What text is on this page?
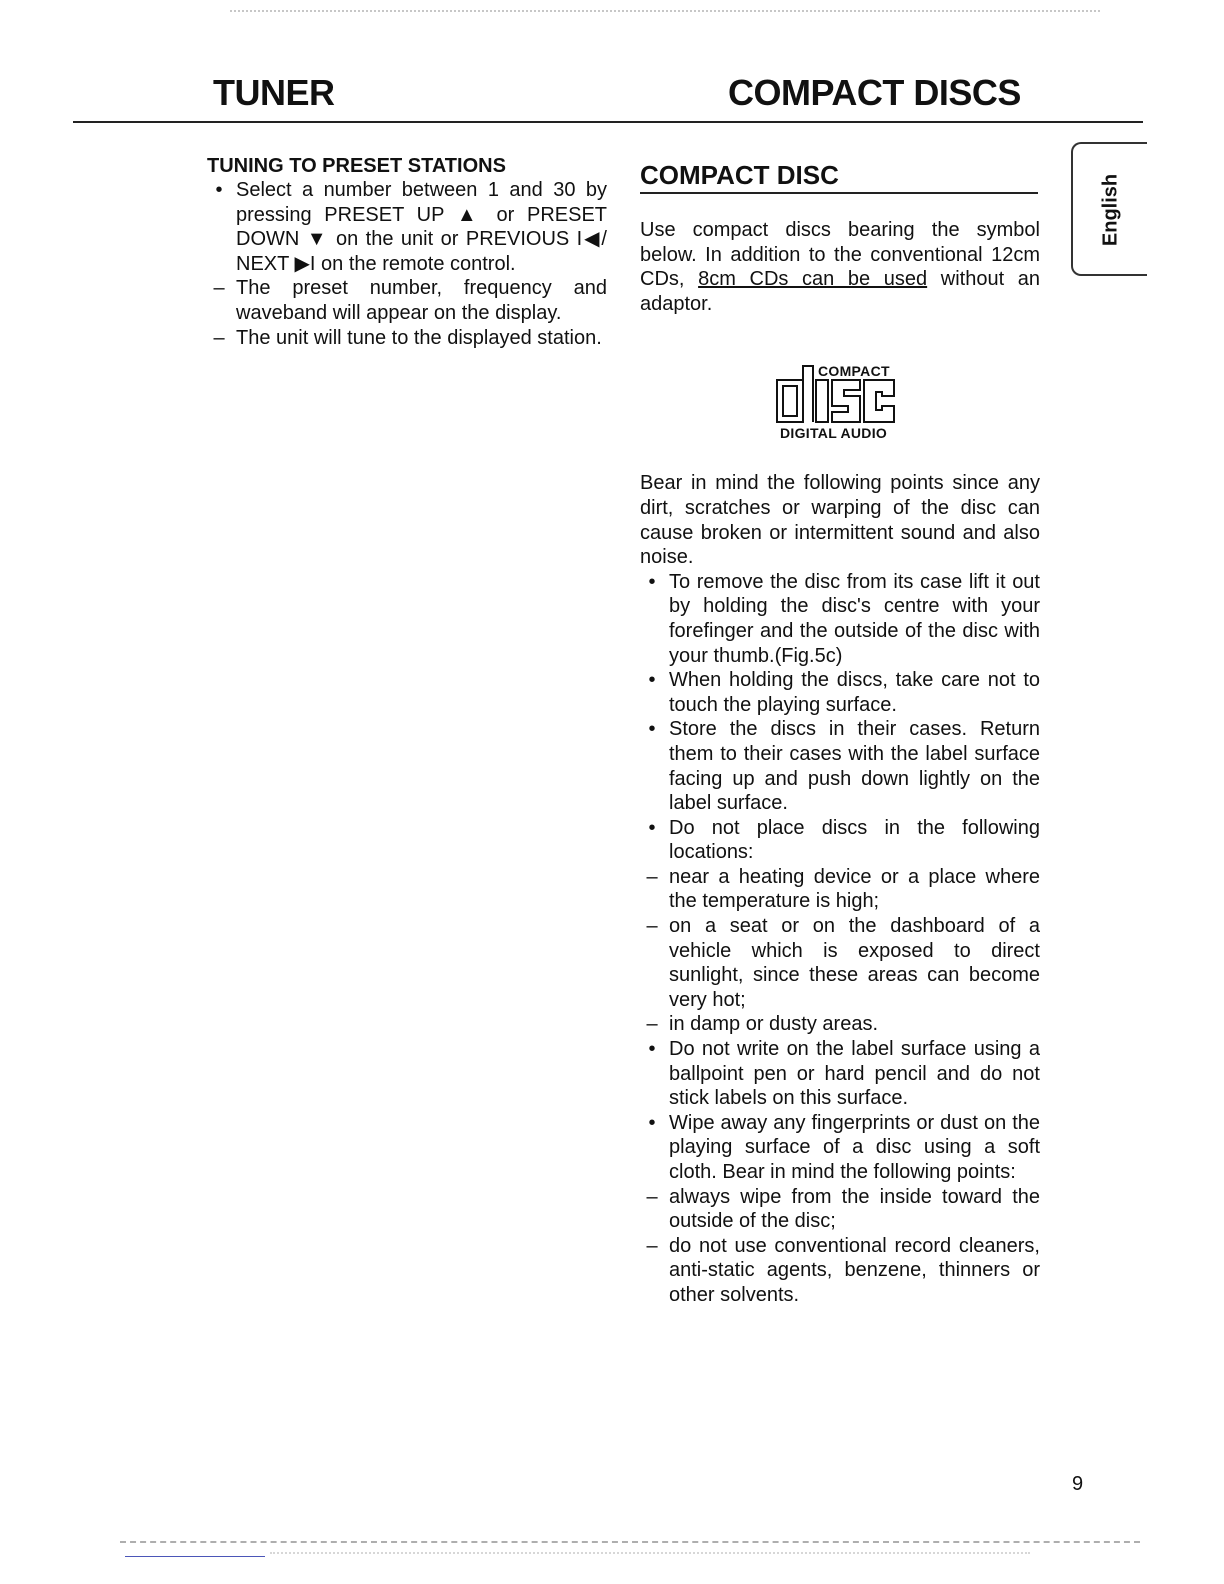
TUNER	COMPACT DISCS
TUNING TO PRESET STATIONS
• Select a number between 1 and 30 by pressing PRESET UP ▲ or PRESET DOWN ▼ on the unit or PREVIOUS I◀/ NEXT ▶I on the remote control.
– The preset number, frequency and waveband will appear on the display.
– The unit will tune to the displayed station.
COMPACT DISC

Use compact discs bearing the symbol below. In addition to the conventional 12cm CDs, 8cm CDs can be used without an adaptor.

COMPACT
DIGITAL AUDIO

Bear in mind the following points since any dirt, scratches or warping of the disc can cause broken or intermittent sound and also noise.

• To remove the disc from its case lift it out by holding the disc's centre with your forefinger and the outside of the disc with your thumb.(Fig.5c)
• When holding the discs, take care not to touch the playing surface.
• Store the discs in their cases. Return them to their cases with the label surface facing up and push down lightly on the label surface.
• Do not place discs in the following locations:
– near a heating device or a place where the temperature is high;
– on a seat or on the dashboard of a vehicle which is exposed to direct sunlight, since these areas can become very hot;
– in damp or dusty areas.
• Do not write on the label surface using a ballpoint pen or hard pencil and do not stick labels on this surface.
• Wipe away any fingerprints or dust on the playing surface of a disc using a soft cloth. Bear in mind the following points:
– always wipe from the inside toward the outside of the disc;
– do not use conventional record cleaners, anti-static agents, benzene, thinners or other solvents.
English

9
